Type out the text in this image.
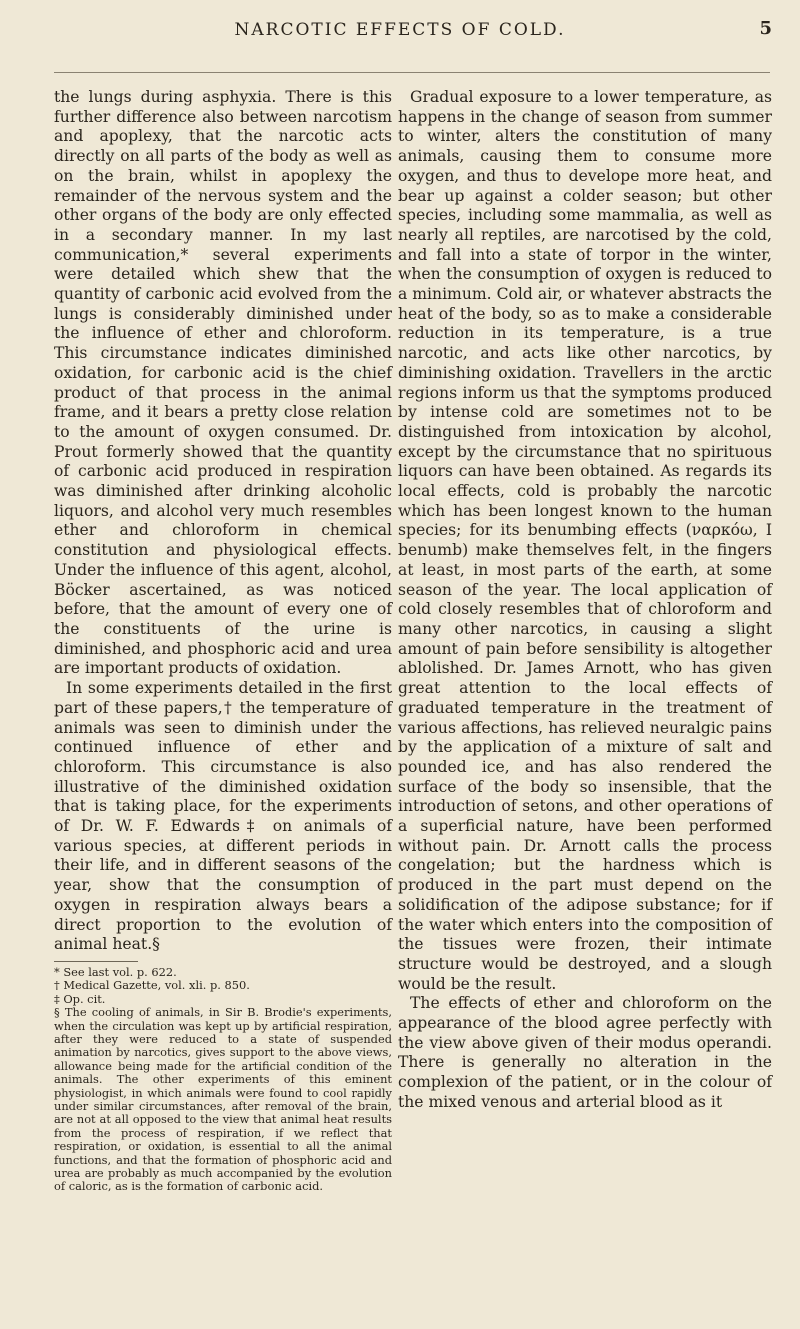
NARCOTIC EFFECTS OF COLD.	5

the lungs during asphyxia. There is this further difference also between narcotism and apoplexy, that the narcotic acts directly on all parts of the body as well as on the brain, whilst in apoplexy the remainder of the nervous system and the other organs of the body are only effected in a secondary manner. In my last communication,* several experiments were detailed which shew that the quantity of carbonic acid evolved from the lungs is considerably diminished under the influence of ether and chloroform. This circumstance indicates diminished oxidation, for carbonic acid is the chief product of that process in the animal frame, and it bears a pretty close relation to the amount of oxygen consumed. Dr. Prout formerly showed that the quantity of carbonic acid produced in respiration was diminished after drinking alcoholic liquors, and alcohol very much resembles ether and chloroform in chemical constitution and physiological effects. Under the influence of this agent, alcohol, Böcker ascertained, as was noticed before, that the amount of every one of the constituents of the urine is diminished, and phosphoric acid and urea are important products of oxidation.

In some experiments detailed in the first part of these papers,† the temperature of animals was seen to diminish under the continued influence of ether and chloroform. This circumstance is also illustrative of the diminished oxidation that is taking place, for the experiments of Dr. W. F. Edwards‡ on animals of various species, at different periods in their life, and in different seasons of the year, show that the consumption of oxygen in respiration always bears a direct proportion to the evolution of animal heat.§

* See last vol. p. 622.

† Medical Gazette, vol. xli. p. 850.

‡ Op. cit.

§ The cooling of animals, in Sir B. Brodie's experiments, when the circulation was kept up by artificial respiration, after they were reduced to a state of suspended animation by narcotics, gives support to the above views, allowance being made for the artificial condition of the animals. The other experiments of this eminent physiologist, in which animals were found to cool rapidly under similar circumstances, after removal of the brain, are not at all opposed to the view that animal heat results from the process of respiration, if we reflect that respiration, or oxidation, is essential to all the animal functions, and that the formation of phosphoric acid and urea are probably as much accompanied by the evolution of caloric, as is the formation of carbonic acid.

Gradual exposure to a lower temperature, as happens in the change of season from summer to winter, alters the constitution of many animals, causing them to consume more oxygen, and thus to develope more heat, and bear up against a colder season; but other species, including some mammalia, as well as nearly all reptiles, are narcotised by the cold, and fall into a state of torpor in the winter, when the consumption of oxygen is reduced to a minimum. Cold air, or whatever abstracts the heat of the body, so as to make a considerable reduction in its temperature, is a true narcotic, and acts like other narcotics, by diminishing oxidation. Travellers in the arctic regions inform us that the symptoms produced by intense cold are sometimes not to be distinguished from intoxication by alcohol, except by the circumstance that no spirituous liquors can have been obtained. As regards its local effects, cold is probably the narcotic which has been longest known to the human species; for its benumbing effects (ναρκόω, I benumb) make themselves felt, in the fingers at least, in most parts of the earth, at some season of the year. The local application of cold closely resembles that of chloroform and many other narcotics, in causing a slight amount of pain before sensibility is altogether ablolished. Dr. James Arnott, who has given great attention to the local effects of graduated temperature in the treatment of various affections, has relieved neuralgic pains by the application of a mixture of salt and pounded ice, and has also rendered the surface of the body so insensible, that the introduction of setons, and other operations of a superficial nature, have been performed without pain. Dr. Arnott calls the process congelation; but the hardness which is produced in the part must depend on the solidification of the adipose substance; for if the water which enters into the composition of the tissues were frozen, their intimate structure would be destroyed, and a slough would be the result.

The effects of ether and chloroform on the appearance of the blood agree perfectly with the view above given of their modus operandi. There is generally no alteration in the complexion of the patient, or in the colour of the mixed venous and arterial blood as it
